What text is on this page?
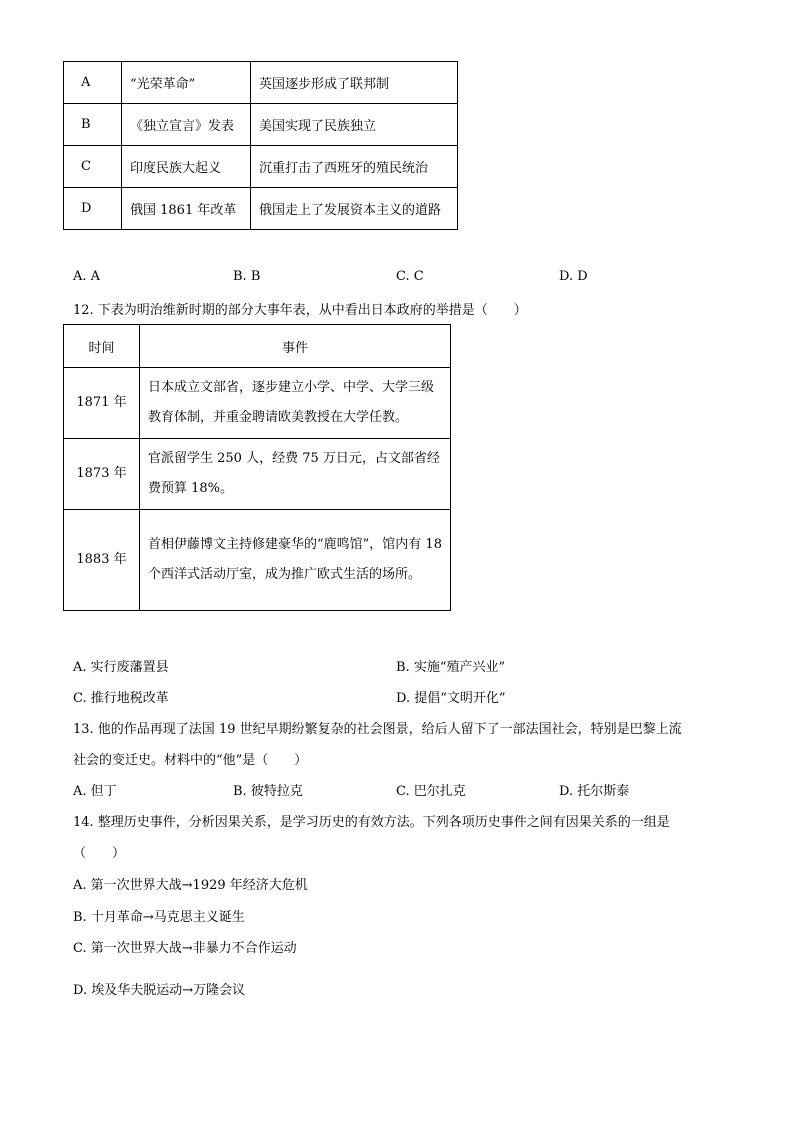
A	“光荣革命”	英国逐步形成了联邦制
B	《独立宣言》发表	美国实现了民族独立
C	印度民族大起义	沉重打击了西班牙的殖民统治
D	俄国 1861 年改革	俄国走上了发展资本主义的道路
A. A	B. B	C. C	D. D
12. 下表为明治维新时期的部分大事年表，从中看出日本政府的举措是（　　）
时间	事件
1871 年	日本成立文部省，逐步建立小学、中学、大学三级教育体制，并重金聘请欧美教授在大学任教。
1873 年	官派留学生 250 人，经费 75 万日元，占文部省经费预算 18%。
1883 年	首相伊藤博文主持修建豪华的“鹿鸣馆”，馆内有 18 个西洋式活动厅室，成为推广欧式生活的场所。
A. 实行废藩置县	B. 实施“殖产兴业”
C. 推行地税改革	D. 提倡“文明开化”
13. 他的作品再现了法国 19 世纪早期纷繁复杂的社会图景，给后人留下了一部法国社会，特别是巴黎上流
社会的变迁史。材料中的“他”是（　　）
A. 但丁	B. 彼特拉克	C. 巴尔扎克	D. 托尔斯泰
14. 整理历史事件，分析因果关系，是学习历史的有效方法。下列各项历史事件之间有因果关系的一组是
（　　）
A. 第一次世界大战→1929 年经济大危机
B. 十月革命→马克思主义诞生
C. 第一次世界大战→非暴力不合作运动
D. 埃及华夫脱运动→万隆会议
